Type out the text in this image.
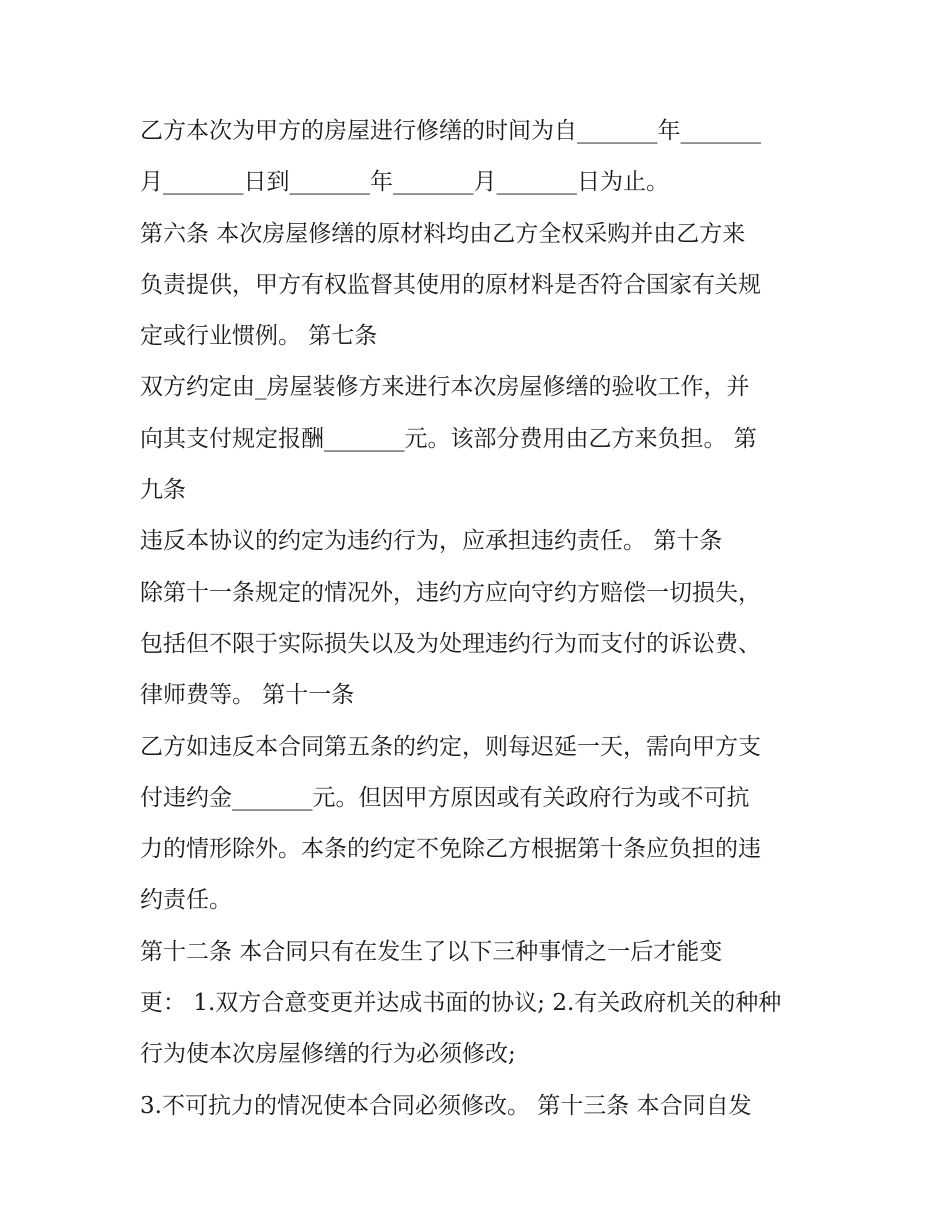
乙方本次为甲方的房屋进行修缮的时间为自_______年_______
月_______日到_______年_______月_______日为止。
第六条 本次房屋修缮的原材料均由乙方全权采购并由乙方来
负责提供，甲方有权监督其使用的原材料是否符合国家有关规
定或行业惯例。 第七条
双方约定由_房屋装修方来进行本次房屋修缮的验收工作，并
向其支付规定报酬_______元。该部分费用由乙方来负担。 第
九条
违反本协议的约定为违约行为，应承担违约责任。 第十条
除第十一条规定的情况外，违约方应向守约方赔偿一切损失，
包括但不限于实际损失以及为处理违约行为而支付的诉讼费、
律师费等。 第十一条
乙方如违反本合同第五条的约定，则每迟延一天，需向甲方支
付违约金_______元。但因甲方原因或有关政府行为或不可抗
力的情形除外。本条的约定不免除乙方根据第十条应负担的违
约责任。
第十二条 本合同只有在发生了以下三种事情之一后才能变
更： 1.双方合意变更并达成书面的协议; 2.有关政府机关的种种
行为使本次房屋修缮的行为必须修改;
3.不可抗力的情况使本合同必须修改。 第十三条 本合同自发
